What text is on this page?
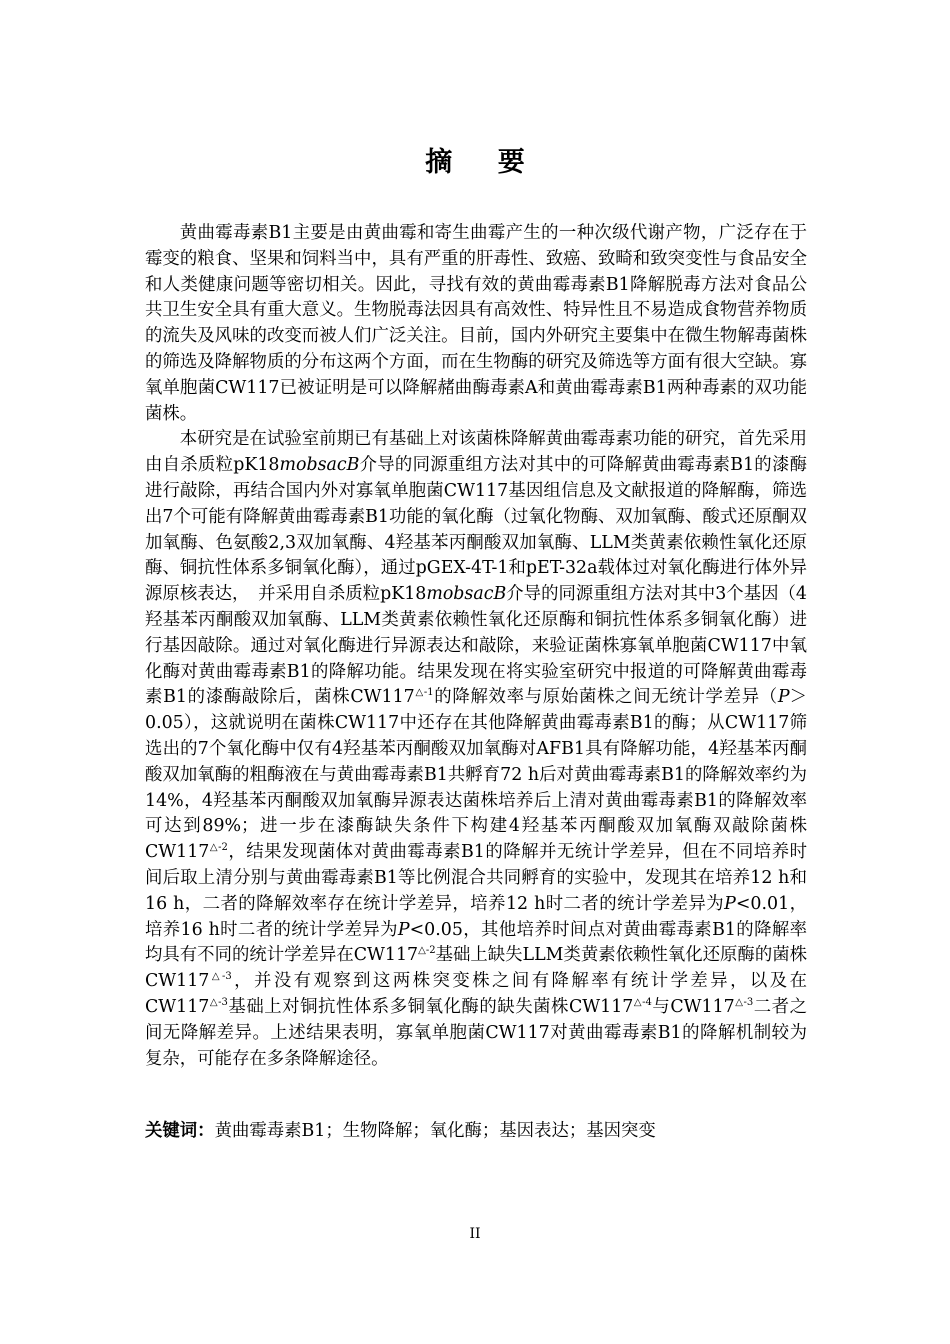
摘 要

黄曲霉毒素B1主要是由黄曲霉和寄生曲霉产生的一种次级代谢产物，广泛存在于霉变的粮食、坚果和饲料当中，具有严重的肝毒性、致癌、致畸和致突变性与食品安全和人类健康问题等密切相关。因此，寻找有效的黄曲霉毒素B1降解脱毒方法对食品公共卫生安全具有重大意义。生物脱毒法因具有高效性、特异性且不易造成食物营养物质的流失及风味的改变而被人们广泛关注。目前，国内外研究主要集中在微生物解毒菌株的筛选及降解物质的分布这两个方面，而在生物酶的研究及筛选等方面有很大空缺。寡氧单胞菌CW117已被证明是可以降解赭曲酶毒素A和黄曲霉毒素B1两种毒素的双功能菌株。

本研究是在试验室前期已有基础上对该菌株降解黄曲霉毒素功能的研究，首先采用由自杀质粒pK18mobsacB介导的同源重组方法对其中的可降解黄曲霉毒素B1的漆酶进行敲除，再结合国内外对寡氧单胞菌CW117基因组信息及文献报道的降解酶，筛选出7个可能有降解黄曲霉毒素B1功能的氧化酶（过氧化物酶、双加氧酶、酸式还原酮双加氧酶、色氨酸2,3双加氧酶、4羟基苯丙酮酸双加氧酶、LLM类黄素依赖性氧化还原酶、铜抗性体系多铜氧化酶），通过pGEX-4T-1和pET-32a载体过对氧化酶进行体外异源原核表达，　并采用自杀质粒pK18mobsacB介导的同源重组方法对其中3个基因（4羟基苯丙酮酸双加氧酶、LLM类黄素依赖性氧化还原酶和铜抗性体系多铜氧化酶）进行基因敲除。通过对氧化酶进行异源表达和敲除，来验证菌株寡氧单胞菌CW117中氧化酶对黄曲霉毒素B1的降解功能。结果发现在将实验室研究中报道的可降解黄曲霉毒素B1的漆酶敲除后，菌株$CW117^{\triangle-1}$的降解效率与原始菌株之间无统计学差异（P＞0.05），这就说明在菌株CW117中还存在其他降解黄曲霉毒素B1的酶；从CW117筛选出的7个氧化酶中仅有4羟基苯丙酮酸双加氧酶对AFB1具有降解功能，4羟基苯丙酮酸双加氧酶的粗酶液在与黄曲霉毒素B1共孵育72 h后对黄曲霉毒素B1的降解效率约为14%，4羟基苯丙酮酸双加氧酶异源表达菌株培养后上清对黄曲霉毒素B1的降解效率可达到89%；进一步在漆酶缺失条件下构建4羟基苯丙酮酸双加氧酶双敲除菌株$CW117^{\triangle-2}$，结果发现菌体对黄曲霉毒素B1的降解并无统计学差异，但在不同培养时间后取上清分别与黄曲霉毒素B1等比例混合共同孵育的实验中，发现其在培养12 h和16 h，二者的降解效率存在统计学差异，培养12 h时二者的统计学差异为P<0.01，培养16 h时二者的统计学差异为P<0.05，其他培养时间点对黄曲霉毒素B1的降解率均具有不同的统计学差异在$CW117^{\triangle-2}$基础上缺失LLM类黄素依赖性氧化还原酶的菌株$CW117^{\triangle-3}$，并没有观察到这两株突变株之间有降解率有统计学差异，以及在$CW117^{\triangle-3}$基础上对铜抗性体系多铜氧化酶的缺失菌株$CW117^{\triangle-4}$与$CW117^{\triangle-3}$二者之间无降解差异。上述结果表明，寡氧单胞菌CW117对黄曲霉毒素B1的降解机制较为复杂，可能存在多条降解途径。

关键词：黄曲霉毒素B1；生物降解；氧化酶；基因表达；基因突变
II
